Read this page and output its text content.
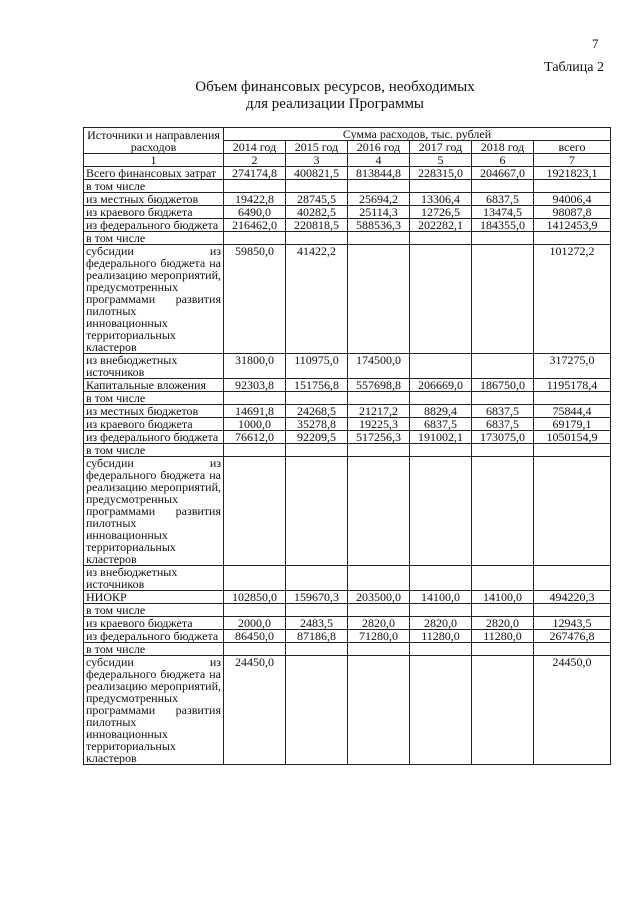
7
Таблица 2
Объем финансовых ресурсов, необходимых
для реализации Программы
Источники и направления расходов	Сумма расходов, тыс. рублей					
	2014 год	2015 год	2016 год	2017 год	2018 год	всего
1	2	3	4	5	6	7
Всего финансовых затрат	274174,8	400821,5	813844,8	228315,0	204667,0	1921823,1
в том числе						
из местных бюджетов	19422,8	28745,5	25694,2	13306,4	6837,5	94006,4
из краевого бюджета	6490,0	40282,5	25114,3	12726,5	13474,5	98087,8
из федерального бюджета	216462,0	220818,5	588536,3	202282,1	184355,0	1412453,9
в том числе						
субсидии из федерального бюджета на реализацию мероприятий, предусмотренных программами развития пилотных инновационных территориальных кластеров	59850,0	41422,2				101272,2
из внебюджетных источников	31800,0	110975,0	174500,0			317275,0
Капитальные вложения	92303,8	151756,8	557698,8	206669,0	186750,0	1195178,4
в том числе						
из местных бюджетов	14691,8	24268,5	21217,2	8829,4	6837,5	75844,4
из краевого бюджета	1000,0	35278,8	19225,3	6837,5	6837,5	69179,1
из федерального бюджета	76612,0	92209,5	517256,3	191002,1	173075,0	1050154,9
в том числе						
субсидии из федерального бюджета на реализацию мероприятий, предусмотренных программами развития пилотных инновационных территориальных кластеров						
из внебюджетных источников						
НИОКР	102850,0	159670,3	203500,0	14100,0	14100,0	494220,3
в том числе						
из краевого бюджета	2000,0	2483,5	2820,0	2820,0	2820,0	12943,5
из федерального бюджета	86450,0	87186,8	71280,0	11280,0	11280,0	267476,8
в том числе						
субсидии из федерального бюджета на реализацию мероприятий, предусмотренных программами развития пилотных инновационных территориальных кластеров	24450,0					24450,0
